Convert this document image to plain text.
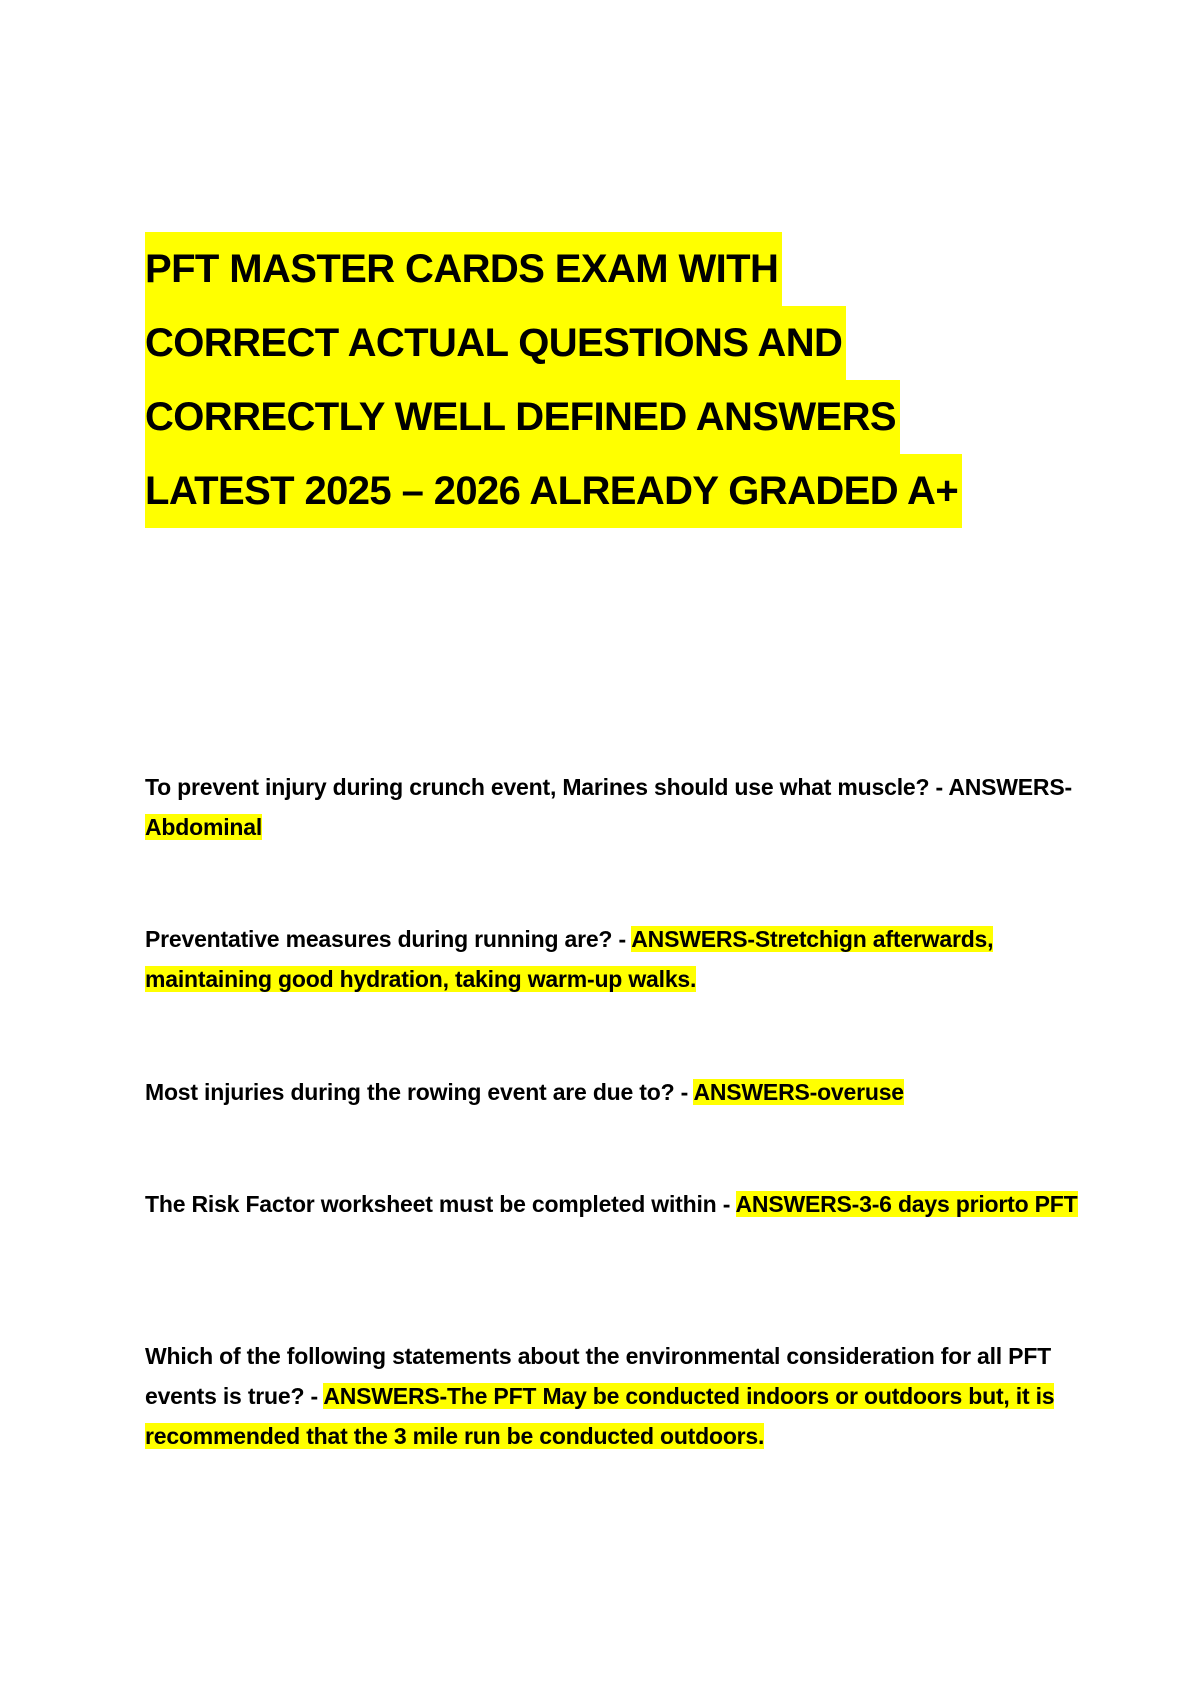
PFT MASTER CARDS EXAM WITH
CORRECT ACTUAL QUESTIONS AND
CORRECTLY WELL DEFINED ANSWERS
LATEST 2025 – 2026 ALREADY GRADED A+
To prevent injury during crunch event, Marines should use what muscle? - ANSWERS-Abdominal
Preventative measures during running are? - ANSWERS-Stretchign afterwards, maintaining good hydration, taking warm-up walks.
Most injuries during the rowing event are due to? - ANSWERS-overuse
The Risk Factor worksheet must be completed within - ANSWERS-3-6 days priorto PFT
Which of the following statements about the environmental consideration for all PFT events is true? - ANSWERS-The PFT May be conducted indoors or outdoors but, it is recommended that the 3 mile run be conducted outdoors.
